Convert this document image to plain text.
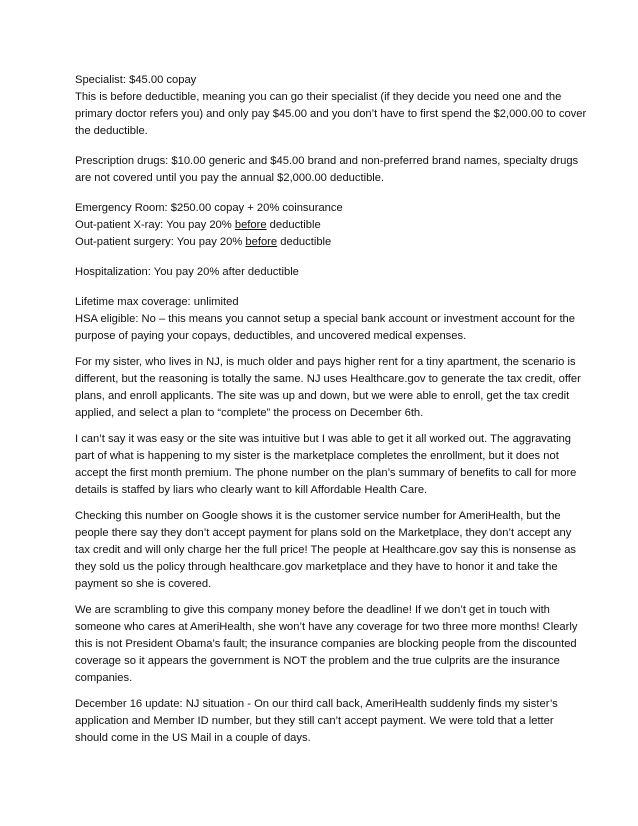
Specialist: $45.00 copay
This is before deductible, meaning you can go their specialist (if they decide you need one and the
primary doctor refers you) and only pay $45.00 and you don’t have to first spend the $2,000.00 to cover
the deductible.
Prescription drugs: $10.00 generic and $45.00 brand and non-preferred brand names, specialty drugs
are not covered until you pay the annual $2,000.00 deductible.
Emergency Room: $250.00 copay + 20% coinsurance
Out-patient X-ray: You pay 20% before deductible
Out-patient surgery: You pay 20% before deductible
Hospitalization: You pay 20% after deductible
Lifetime max coverage: unlimited
HSA eligible: No – this means you cannot setup a special bank account or investment account for the
purpose of paying your copays, deductibles, and uncovered medical expenses.
For my sister, who lives in NJ, is much older and pays higher rent for a tiny apartment, the scenario is
different, but the reasoning is totally the same. NJ uses Healthcare.gov to generate the tax credit, offer
plans, and enroll applicants. The site was up and down, but we were able to enroll, get the tax credit
applied, and select a plan to “complete” the process on December 6th.
I can’t say it was easy or the site was intuitive but I was able to get it all worked out. The aggravating
part of what is happening to my sister is the marketplace completes the enrollment, but it does not
accept the first month premium. The phone number on the plan’s summary of benefits to call for more
details is staffed by liars who clearly want to kill Affordable Health Care.
Checking this number on Google shows it is the customer service number for AmeriHealth, but the
people there say they don’t accept payment for plans sold on the Marketplace, they don’t accept any
tax credit and will only charge her the full price! The people at Healthcare.gov say this is nonsense as
they sold us the policy through healthcare.gov marketplace and they have to honor it and take the
payment so she is covered.
We are scrambling to give this company money before the deadline! If we don’t get in touch with
someone who cares at AmeriHealth, she won’t have any coverage for two three more months! Clearly
this is not President Obama’s fault; the insurance companies are blocking people from the discounted
coverage so it appears the government is NOT the problem and the true culprits are the insurance
companies.
December 16 update: NJ situation - On our third call back, AmeriHealth suddenly finds my sister’s
application and Member ID number, but they still can’t accept payment. We were told that a letter
should come in the US Mail in a couple of days.
